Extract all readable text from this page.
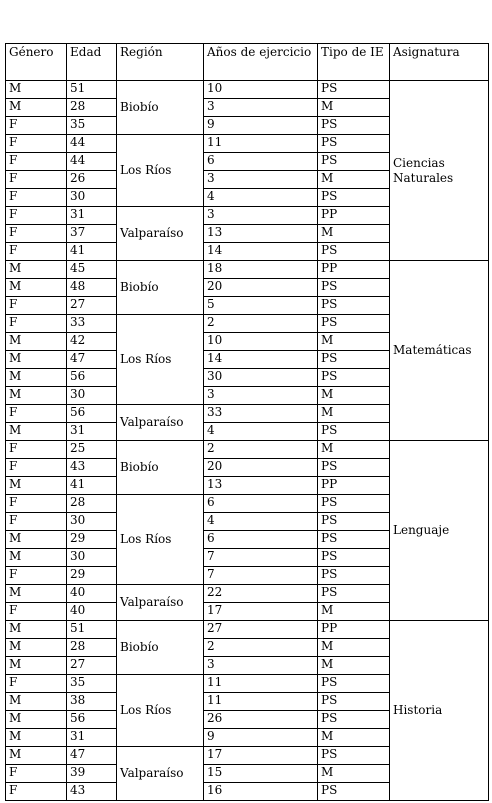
Género	Edad	Región	Años de ejercicio	Tipo de IE	Asignatura
M	51	Biobío	10	PS	Ciencias Naturales
M	28		3	M	
F	35		9	PS	
F	44	Los Ríos	11	PS	
F	44		6	PS	
F	26		3	M	
F	30		4	PS	
F	31	Valparaíso	3	PP	
F	37		13	M	
F	41		14	PS	
M	45	Biobío	18	PP	Matemáticas
M	48		20	PS	
F	27		5	PS	
F	33	Los Ríos	2	PS	
M	42		10	M	
M	47		14	PS	
M	56		30	PS	
M	30		3	M	
F	56	Valparaíso	33	M	
M	31		4	PS	
F	25	Biobío	2	M	Lenguaje
F	43		20	PS	
M	41		13	PP	
F	28	Los Ríos	6	PS	
F	30		4	PS	
M	29		6	PS	
M	30		7	PS	
F	29		7	PS	
M	40	Valparaíso	22	PS	
F	40		17	M	
M	51	Biobío	27	PP	Historia
M	28		2	M	
M	27		3	M	
F	35	Los Ríos	11	PS	
M	38		11	PS	
M	56		26	PS	
M	31		9	M	
M	47	Valparaíso	17	PS	
F	39		15	M	
F	43		16	PS	
